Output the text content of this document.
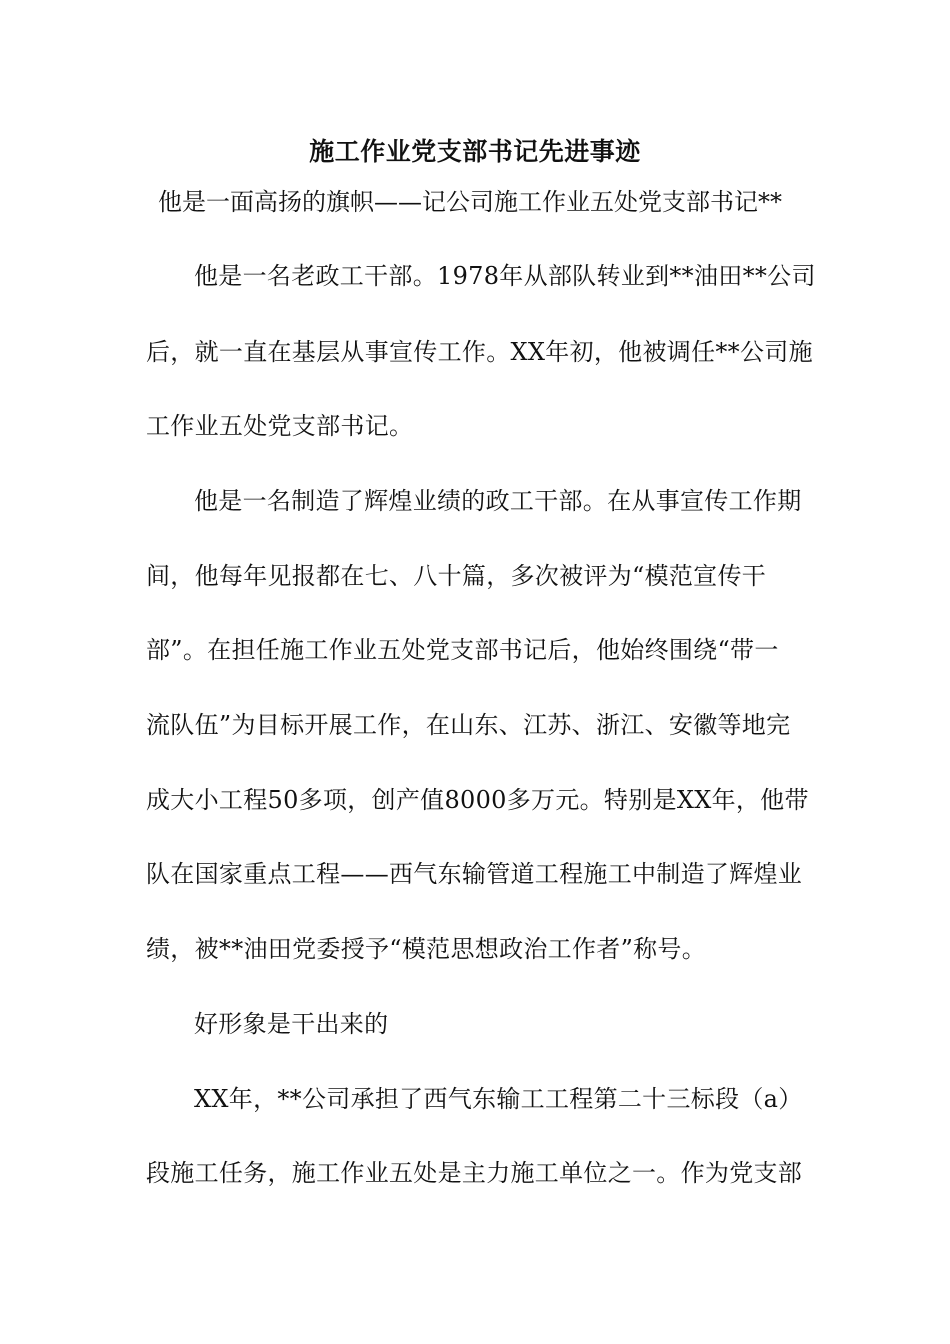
施工作业党支部书记先进事迹
他是一面高扬的旗帜——记公司施工作业五处党支部书记**
他是一名老政工干部。1978年从部队转业到**油田**公司
后，就一直在基层从事宣传工作。XX年初，他被调任**公司施
工作业五处党支部书记。
他是一名制造了辉煌业绩的政工干部。在从事宣传工作期
间，他每年见报都在七、八十篇，多次被评为“模范宣传干
部”。在担任施工作业五处党支部书记后，他始终围绕“带一
流队伍”为目标开展工作，在山东、江苏、浙江、安徽等地完
成大小工程50多项，创产值8000多万元。特别是XX年，他带
队在国家重点工程——西气东输管道工程施工中制造了辉煌业
绩，被**油田党委授予“模范思想政治工作者”称号。
好形象是干出来的
XX年，**公司承担了西气东输工工程第二十三标段（a）
段施工任务，施工作业五处是主力施工单位之一。作为党支部
